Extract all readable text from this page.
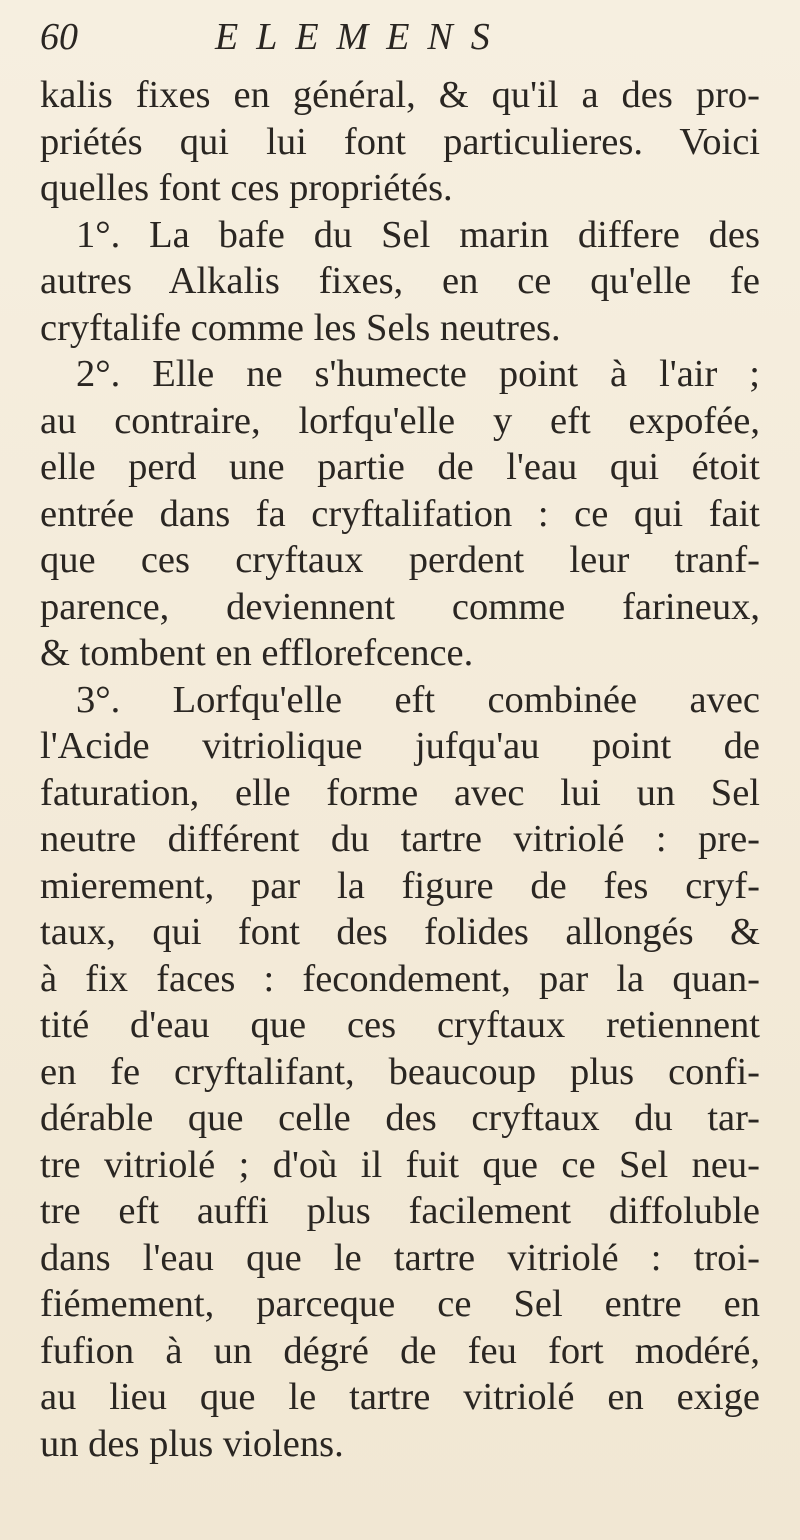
60	ELEMENS
kalis fixes en général, & qu'il a des pro-
priétés qui lui font particulieres. Voici
quelles font ces propriétés.
1°. La bafe du Sel marin differe des
autres Alkalis fixes, en ce qu'elle fe
cryftalife comme les Sels neutres.
2°. Elle ne s'humecte point à l'air ;
au contraire, lorfqu'elle y eft expofée,
elle perd une partie de l'eau qui étoit
entrée dans fa cryftalifation : ce qui fait
que ces cryftaux perdent leur tranf-
parence, deviennent comme farineux,
& tombent en efflorefcence.
3°. Lorfqu'elle eft combinée avec
l'Acide vitriolique jufqu'au point de
faturation, elle forme avec lui un Sel
neutre différent du tartre vitriolé : pre-
mierement, par la figure de fes cryf-
taux, qui font des folides allongés &
à fix faces : fecondement, par la quan-
tité d'eau que ces cryftaux retiennent
en fe cryftalifant, beaucoup plus confi-
dérable que celle des cryftaux du tar-
tre vitriolé ; d'où il fuit que ce Sel neu-
tre eft auffi plus facilement diffoluble
dans l'eau que le tartre vitriolé : troi-
fiémement, parceque ce Sel entre en
fufion à un dégré de feu fort modéré,
au lieu que le tartre vitriolé en exige
un des plus violens.
